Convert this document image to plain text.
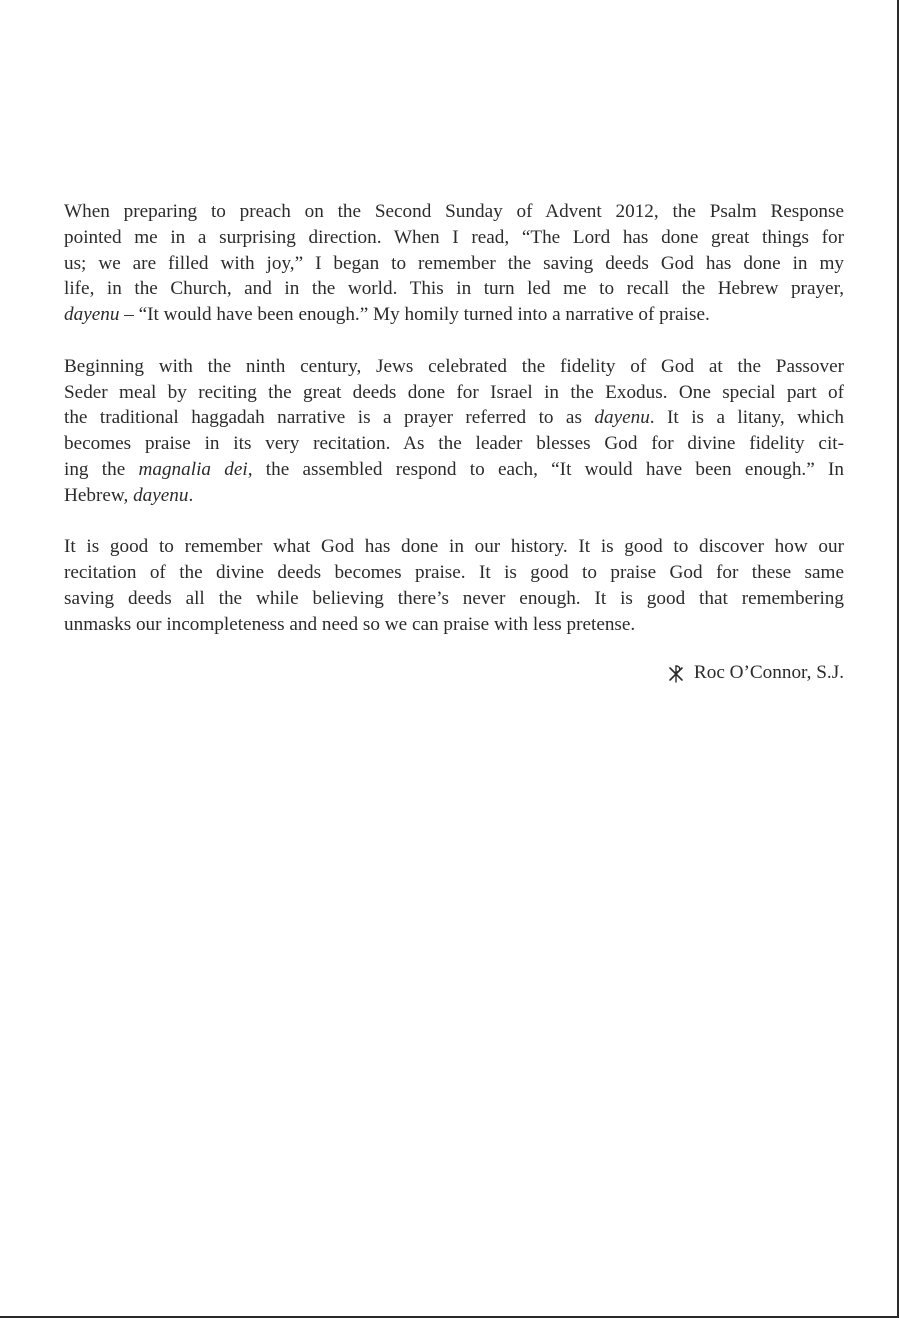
When preparing to preach on the Second Sunday of Advent 2012, the Psalm Response
pointed me in a surprising direction. When I read, “The Lord has done great things for
us; we are filled with joy,” I began to remember the saving deeds God has done in my
life, in the Church, and in the world. This in turn led me to recall the Hebrew prayer,
dayenu – “It would have been enough.” My homily turned into a narrative of praise.

Beginning with the ninth century, Jews celebrated the fidelity of God at the Passover
Seder meal by reciting the great deeds done for Israel in the Exodus. One special part of
the traditional haggadah narrative is a prayer referred to as dayenu. It is a litany, which
becomes praise in its very recitation. As the leader blesses God for divine fidelity cit-
ing the magnalia dei, the assembled respond to each, “It would have been enough.” In
Hebrew, dayenu.

It is good to remember what God has done in our history. It is good to discover how our
recitation of the divine deeds becomes praise. It is good to praise God for these same
saving deeds all the while believing there’s never enough. It is good that remembering
unmasks our incompleteness and need so we can praise with less pretense.

Roc O’Connor, S.J.
